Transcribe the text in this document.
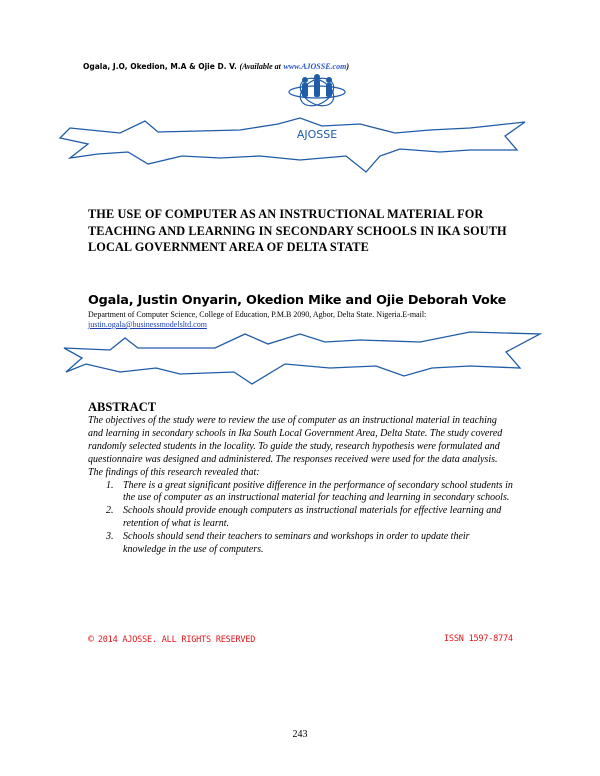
Ogala, J.O, Okedion, M.A & Ojie D. V. (Available at www.AJOSSE.com)
AJOSSE
THE USE OF COMPUTER AS AN INSTRUCTIONAL MATERIAL FOR TEACHING AND LEARNING IN SECONDARY SCHOOLS IN IKA SOUTH LOCAL GOVERNMENT AREA OF DELTA STATE
Ogala, Justin Onyarin, Okedion Mike and Ojie Deborah Voke
Department of Computer Science, College of Education, P.M.B 2090, Agbor, Delta State. Nigeria.E-mail:
justin.ogala@businessmodelsltd.com
ABSTRACT

The objectives of the study were to review the use of computer as an instructional material in teaching and learning in secondary schools in Ika South Local Government Area, Delta State. The study covered randomly selected students in the locality. To guide the study, research hypothesis were formulated and questionnaire was designed and administered. The responses received were used for the data analysis.

The findings of this research revealed that:

1. There is a great significant positive difference in the performance of secondary school students in the use of computer as an instructional material for teaching and learning in secondary schools.
2. Schools should provide enough computers as instructional materials for effective learning and retention of what is learnt.
3. Schools should send their teachers to seminars and workshops in order to update their knowledge in the use of computers.
© 2014 AJOSSE. ALL RIGHTS RESERVED	ISSN 1597-8774
243
